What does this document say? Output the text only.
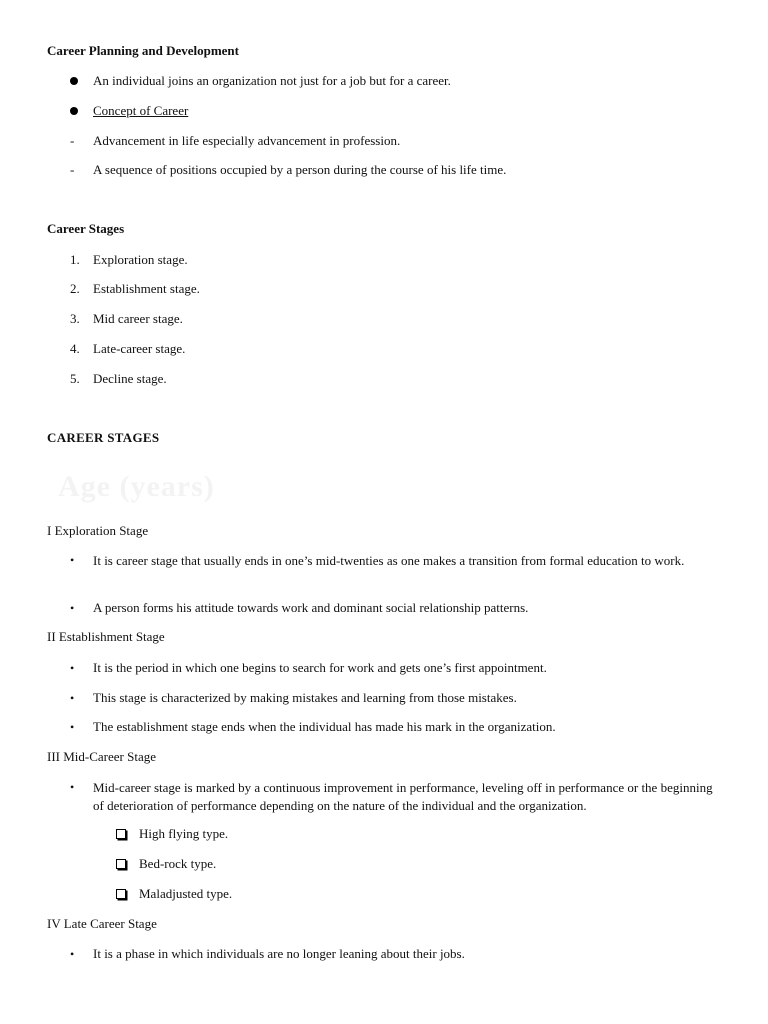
Career Planning and Development
An individual joins an organization not just for a job but for a career.
Concept of Career
- Advancement in life especially advancement in profession.
- A sequence of positions occupied by a person during the course of his life time.
Career Stages
1. Exploration stage.
2. Establishment stage.
3. Mid career stage.
4. Late-career stage.
5. Decline stage.
CAREER STAGES
Age (years)
I Exploration Stage
• It is career stage that usually ends in one’s mid-twenties as one makes a transition from formal education to work.
• A person forms his attitude towards work and dominant social relationship patterns.
II Establishment Stage
• It is the period in which one begins to search for work and gets one’s first appointment.
• This stage is characterized by making mistakes and learning from those mistakes.
• The establishment stage ends when the individual has made his mark in the organization.
III Mid-Career Stage
• Mid-career stage is marked by a continuous improvement in performance, leveling off in performance or the beginning of deterioration of performance depending on the nature of the individual and the organization.
High flying type.
Bed-rock type.
Maladjusted type.
IV Late Career Stage
• It is a phase in which individuals are no longer leaning about their jobs.
